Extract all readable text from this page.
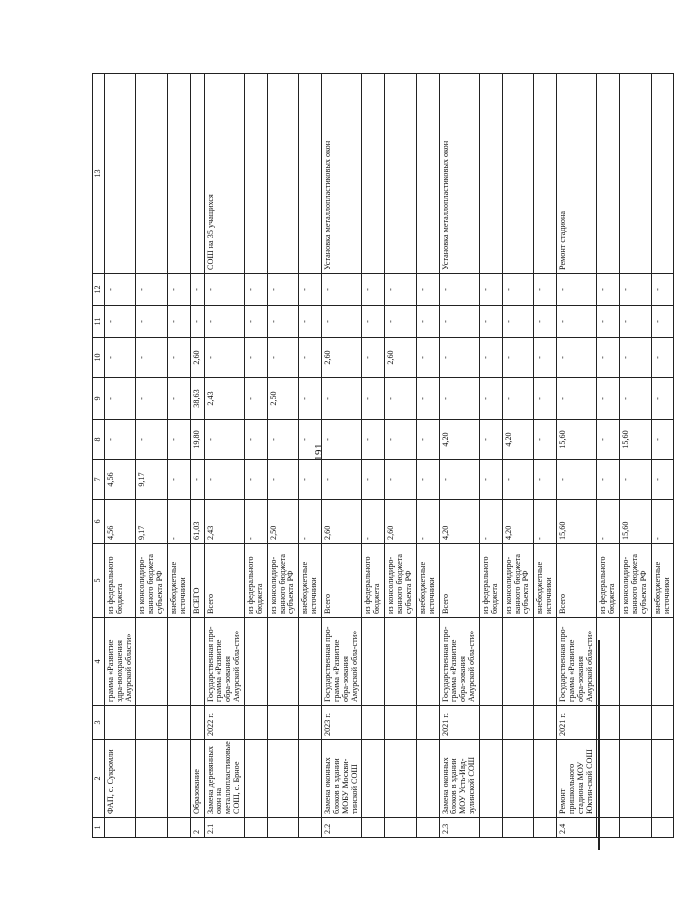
191
1	2	3	4	5	6	7	8	9	10	11	12	13
	ФАП, с. Сукромли		грамма «Развитие здра-воохранения Амурской области»	из федерального бюджета	4,56	4,56	-	-	-	-	-	
				из консолидиро-ванного бюджета субъекта РФ	9,17	9,17	-	-	-	-	-	
				внебюджетные источники	-	-	-	-	-	-	-	
2	Образование			ВСЕГО	61,03	-	19,80	38,63	2,60	-	-	
2.1	Замена деревянных окон на металлопластиковые СОШ, с. Брное	2022 г.	Государственная про-грамма «Развитие обра-зования Амурской обла-сти»	Всего	2,43	-	-	2,43	-	-	-	СОШ на 35 учащихся
				из федерального бюджета	-	-	-	-	-	-	-	
				из консолидиро-ванного бюджета субъекта РФ	2,50	-	-	2,50	-	-	-	
				внебюджетные источники	-	-	-	-	-	-	-	
2.2	Замена оконных блоков в здании МОБУ Москви-тинской СОШ	2023 г.	Государственная про-грамма «Развитие обра-зования Амурской обла-сти»	Всего	2,60	-	-	-	2,60	-	-	Установка металлопластиковых окон
				из федерального бюджета	-	-	-	-	-	-	-	
				из консолидиро-ванного бюджета субъекта РФ	2,60	-	-	-	2,60	-	-	
				внебюджетные источники	-	-	-	-	-	-	-	
2.3	Замена оконных блоков в здании МОУ Усть-Ивд-зулинской СОШ	2021 г.	Государственная про-грамма «Развитие обра-зования Амурской обла-сти»	Всего	4,20	-	4,20	-	-	-	-	Установка металлопластиковых окон
				из федерального бюджета	-	-	-	-	-	-	-	
				из консолидиро-ванного бюджета субъекта РФ	4,20	-	4,20	-	-	-	-	
				внебюджетные источники	-	-	-	-	-	-	-	
2.4	Ремонт пришкольного стадиона МОУ Юктин-ской СОШ	2021 г.	Государственная про-грамма «Развитие обра-зования Амурской обла-сти»	Всего	15,60	-	15,60	-	-	-	-	Ремонт стадиона
				из федерального бюджета	-	-	-	-	-	-	-	
				из консолидиро-ванного бюджета субъекта РФ	15,60	-	15,60	-	-	-	-	
				внебюджетные источники	-	-	-	-	-	-	-	
